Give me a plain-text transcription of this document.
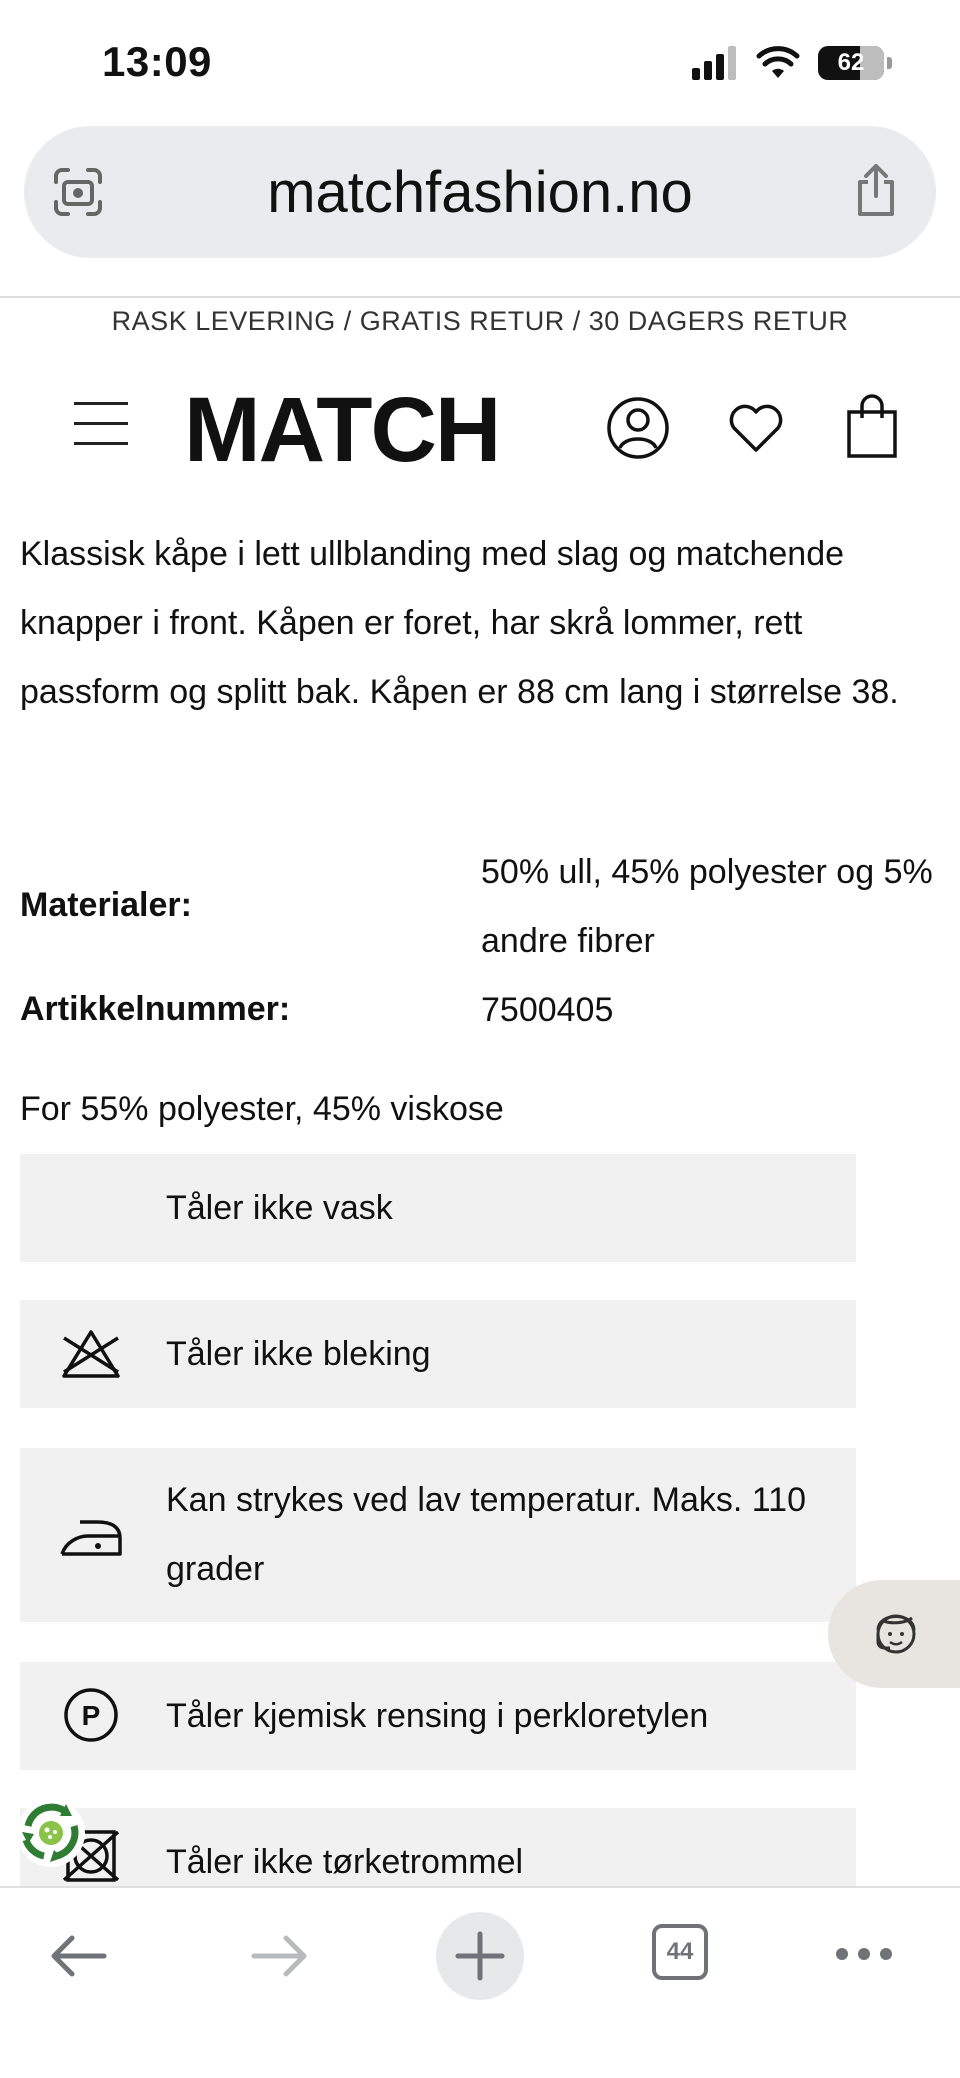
13:09	62
matchfashion.no
RASK LEVERING / GRATIS RETUR / 30 DAGERS RETUR
MATCH
Klassisk kåpe i lett ullblanding med slag og matchende knapper i front. Kåpen er foret, har skrå lommer, rett passform og splitt bak. Kåpen er 88 cm lang i størrelse 38.
Materialer:
50% ull, 45% polyester og 5% andre fibrer
Artikkelnummer:	7500405
For 55% polyester, 45% viskose
Tåler ikke vask
Tåler ikke bleking
Kan strykes ved lav temperatur. Maks. 110 grader
P Tåler kjemisk rensing i perkloretylen
Tåler ikke tørketrommel
44
